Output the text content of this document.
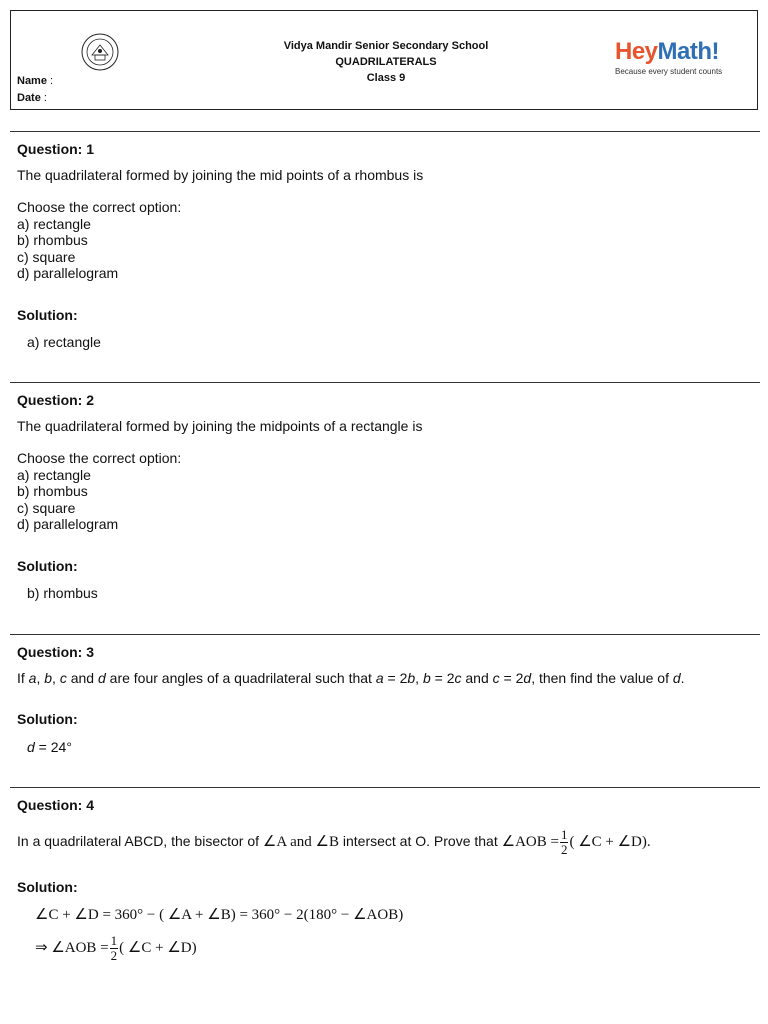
Vidya Mandir Senior Secondary School
QUADRILATERALS
Class 9
Name :
Date :
HeyMath!
Because every student counts
Question: 1
The quadrilateral formed by joining the mid points of a rhombus is
Choose the correct option:
a) rectangle
b) rhombus
c) square
d) parallelogram
Solution:
a) rectangle
Question: 2
The quadrilateral formed by joining the midpoints of a rectangle is
Choose the correct option:
a) rectangle
b) rhombus
c) square
d) parallelogram
Solution:
b) rhombus
Question: 3
If a, b, c and d are four angles of a quadrilateral such that a = 2b, b = 2c and c = 2d, then find the value of d.
Solution:
d = 24°
Question: 4
In a quadrilateral ABCD, the bisector of ∠A and ∠B intersect at O. Prove that ∠AOB = $\frac{1}{2}$ ( ∠C + ∠D).
Solution:
∠C + ∠D = 360° − ( ∠A + ∠B) = 360° − 2(180° − ∠AOB)
⇒ ∠AOB = $\frac{1}{2}$ ( ∠C + ∠D)
